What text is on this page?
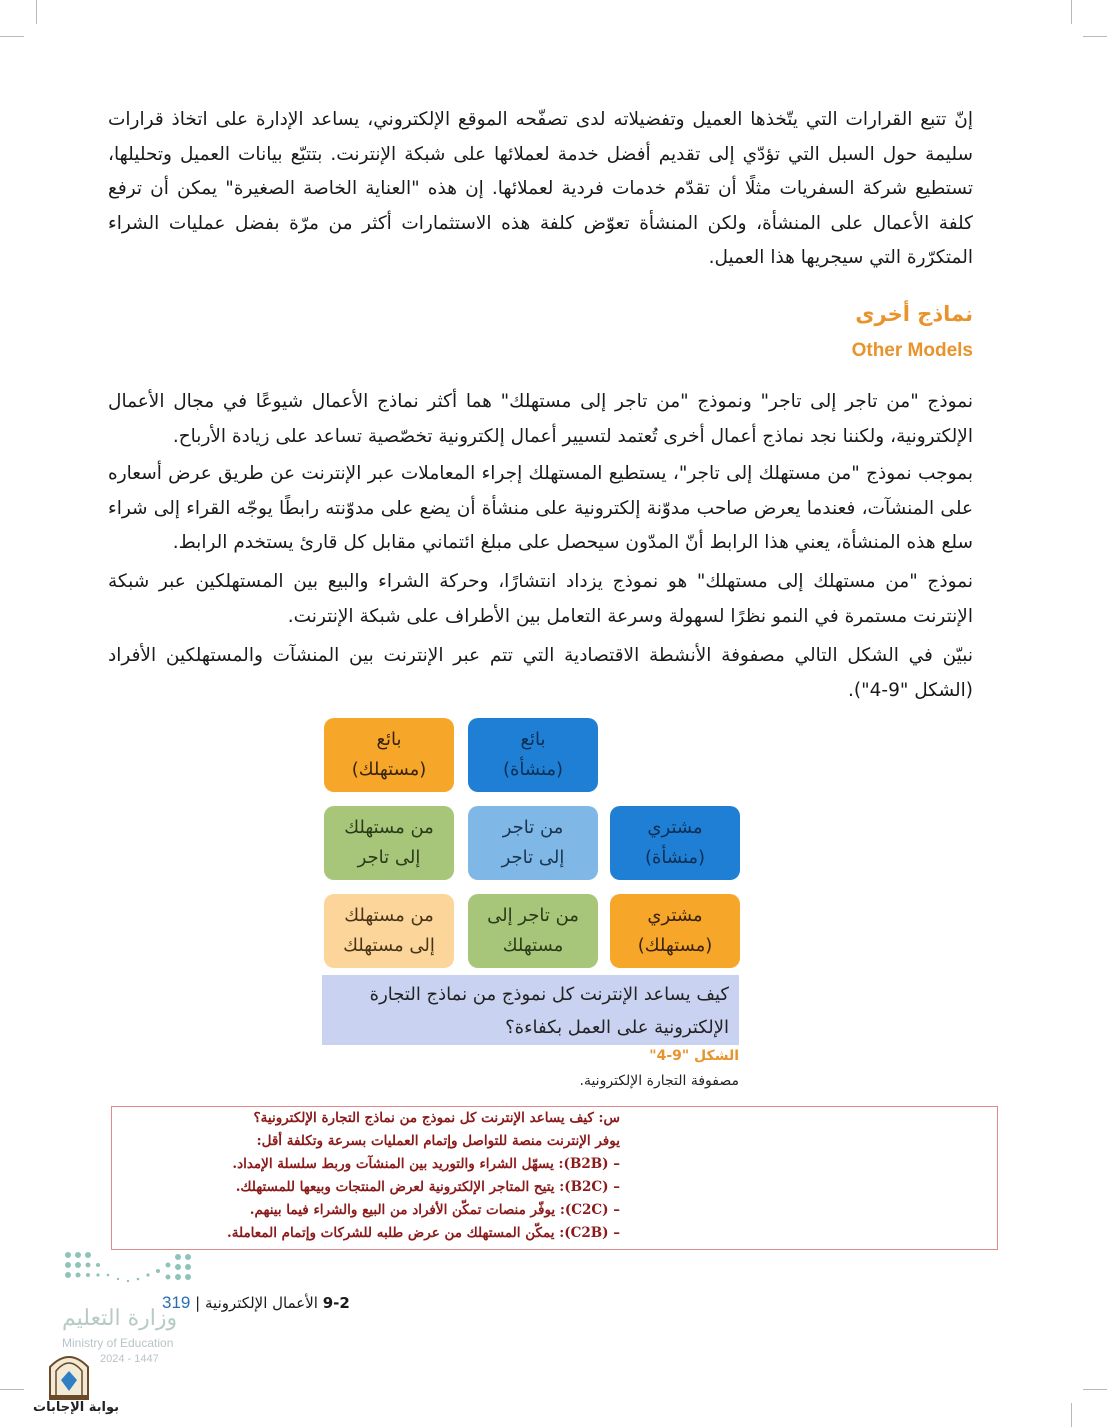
إنّ تتبع القرارات التي يتّخذها العميل وتفضيلاته لدى تصفّحه الموقع الإلكتروني، يساعد الإدارة على اتخاذ قرارات سليمة حول السبل التي تؤدّي إلى تقديم أفضل خدمة لعملائها على شبكة الإنترنت. بتتبّع بيانات العميل وتحليلها، تستطيع شركة السفريات مثلًا أن تقدّم خدمات فردية لعملائها. إن هذه "العناية الخاصة الصغيرة" يمكن أن ترفع كلفة الأعمال على المنشأة، ولكن المنشأة تعوّض كلفة هذه الاستثمارات أكثر من مرّة بفضل عمليات الشراء المتكرّرة التي سيجريها هذا العميل.

نماذج أخرى
Other Models

نموذج "من تاجر إلى تاجر" ونموذج "من تاجر إلى مستهلك" هما أكثر نماذج الأعمال شيوعًا في مجال الأعمال الإلكترونية، ولكننا نجد نماذج أعمال أخرى تُعتمد لتسيير أعمال إلكترونية تخصّصية تساعد على زيادة الأرباح.

بموجب نموذج "من مستهلك إلى تاجر"، يستطيع المستهلك إجراء المعاملات عبر الإنترنت عن طريق عرض أسعاره على المنشآت، فعندما يعرض صاحب مدوّنة إلكترونية على منشأة أن يضع على مدوّنته رابطًا يوجّه القراء إلى شراء سلع هذه المنشأة، يعني هذا الرابط أنّ المدّون سيحصل على مبلغ ائتماني مقابل كل قارئ يستخدم الرابط.

نموذج "من مستهلك إلى مستهلك" هو نموذج يزداد انتشارًا، وحركة الشراء والبيع بين المستهلكين عبر شبكة الإنترنت مستمرة في النمو نظرًا لسهولة وسرعة التعامل بين الأطراف على شبكة الإنترنت.

نبيّن في الشكل التالي مصفوفة الأنشطة الاقتصادية التي تتم عبر الإنترنت بين المنشآت والمستهلكين الأفراد (الشكل "9-4").

بائع
(منشأة)
بائع
(مستهلك)
مشتري
(منشأة)
من تاجر
إلى تاجر
من مستهلك
إلى تاجر
مشتري
(مستهلك)
من تاجر إلى
مستهلك
من مستهلك
إلى مستهلك
كيف يساعد الإنترنت كل نموذج من نماذج التجارة الإلكترونية على العمل بكفاءة؟
الشكل "9-4"
مصفوفة التجارة الإلكترونية.
س: كيف يساعد الإنترنت كل نموذج من نماذج التجارة الإلكترونية؟
يوفر الإنترنت منصة للتواصل وإتمام العمليات بسرعة وتكلفة أقل:
– (B2B): يسهّل الشراء والتوريد بين المنشآت وربط سلسلة الإمداد.
– (B2C): يتيح المتاجر الإلكترونية لعرض المنتجات وبيعها للمستهلك.
– (C2C): يوفّر منصات تمكّن الأفراد من البيع والشراء فيما بينهم.
– (C2B): يمكّن المستهلك من عرض طلبه للشركات وإتمام المعاملة.
وزارة التعليم
Ministry of Education
2024 - 1447
9-2 الأعمال الإلكترونية | 319
بوابة الإجابات
